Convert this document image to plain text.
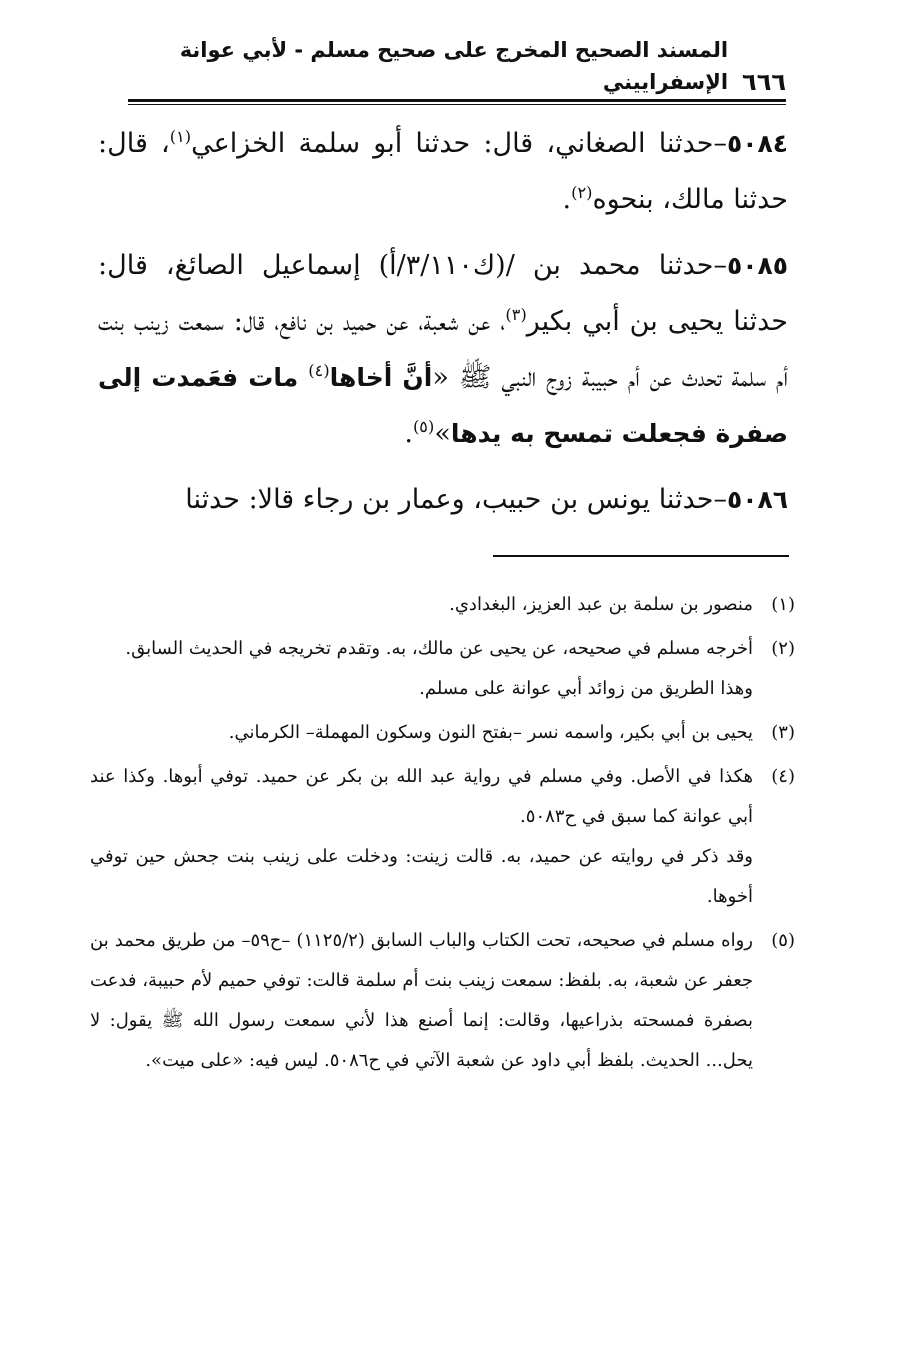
٦٦٦
المسند الصحيح المخرج على صحيح مسلم - لأبي عوانة الإسفراييني

٥٠٨٤–حدثنا الصغاني، قال: حدثنا أبو سلمة الخزاعي$^{(١)}$، قال: حدثنا مالك، بنحوه$^{(٢)}$.

٥٠٨٥–حدثنا محمد بن /(ك٣/١١٠/أ) إسماعيل الصائغ، قال: حدثنا يحيى بن أبي بكير$^{(٣)}$، عن شعبة، عن حميد بن نافع، قال: سمعت زينب بنت أم سلمة تحدث عن أم حبيبة زوج النبي ﷺ «أنَّ أخاها$^{(٤)}$ مات فعَمدت إلى صفرة فجعلت تمسح به يدها»$^{(٥)}$.

٥٠٨٦–حدثنا يونس بن حبيب، وعمار بن رجاء قالا: حدثنا

(١)
منصور بن سلمة بن عبد العزيز، البغدادي.
(٢)
أخرجه مسلم في صحيحه، عن يحيى عن مالك، به. وتقدم تخريجه في الحديث السابق.
وهذا الطريق من زوائد أبي عوانة على مسلم.
(٣)
يحيى بن أبي بكير، واسمه نسر –بفتح النون وسكون المهملة– الكرماني.
(٤)
هكذا في الأصل. وفي مسلم في رواية عبد الله بن بكر عن حميد. توفي أبوها. وكذا عند أبي عوانة كما سبق في ح٥٠٨٣.
وقد ذكر في روايته عن حميد، به. قالت زينت: ودخلت على زينب بنت جحش حين توفي أخوها.
(٥)
رواه مسلم في صحيحه، تحت الكتاب والباب السابق (١١٢٥/٢) –ح٥٩– من طريق محمد بن جعفر عن شعبة، به. بلفظ: سمعت زينب بنت أم سلمة قالت: توفي حميم لأم حبيبة، فدعت بصفرة فمسحته بذراعيها، وقالت: إنما أصنع هذا لأني سمعت رسول الله ﷺ يقول: لا يحل... الحديث. بلفظ أبي داود عن شعبة الآتي في ح٥٠٨٦. ليس فيه: «على ميت».
